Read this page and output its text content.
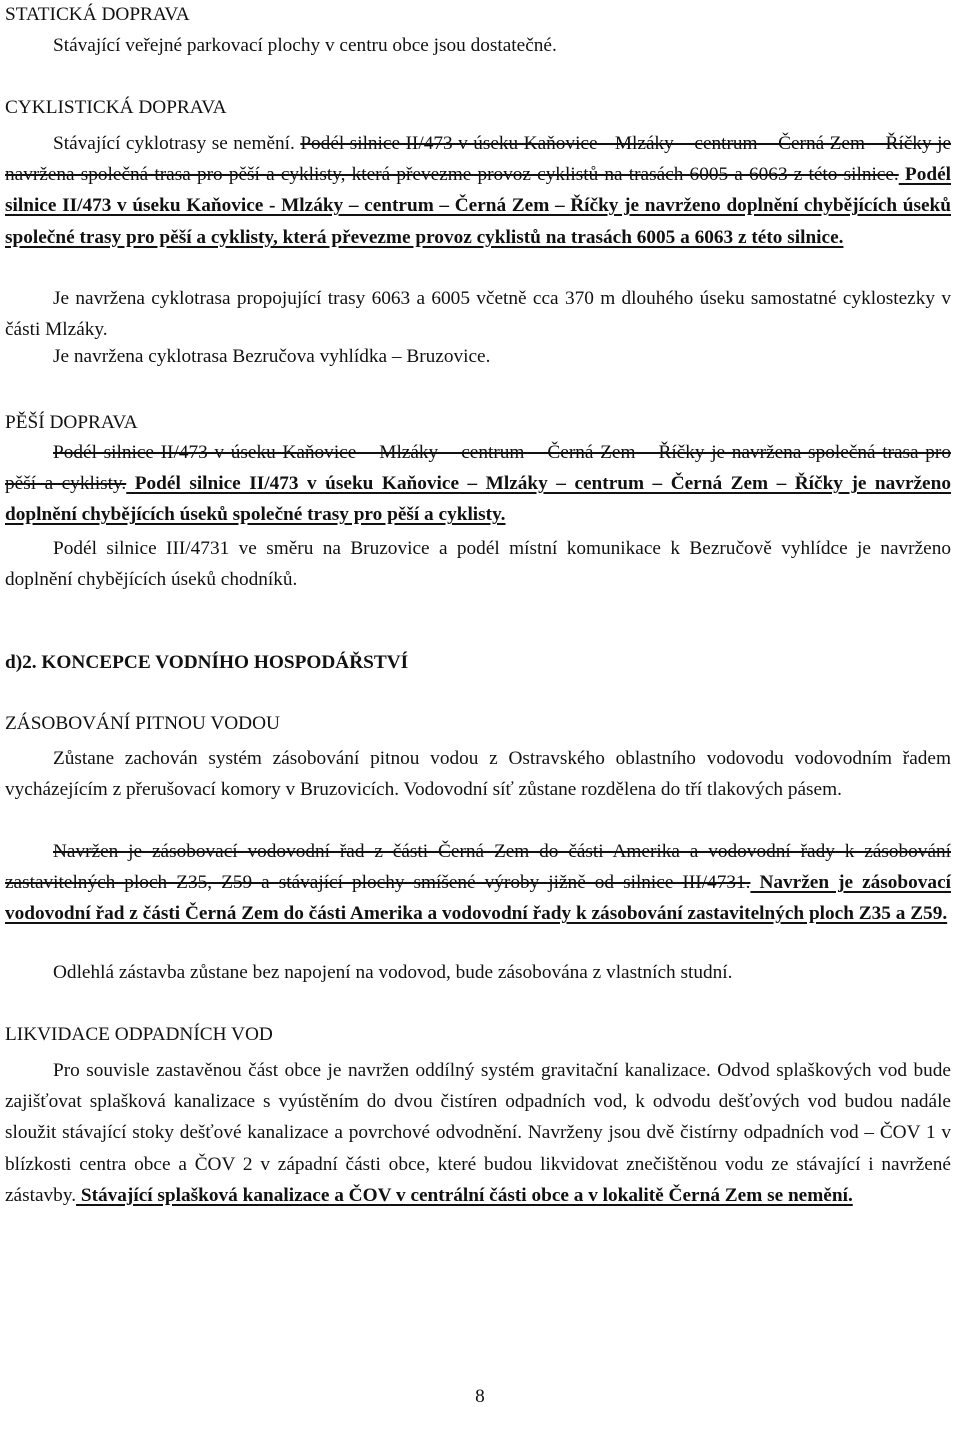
STATICKÁ DOPRAVA
Stávající veřejné parkovací plochy v centru obce jsou dostatečné.
CYKLISTICKÁ DOPRAVA

Stávající cyklotrasy se nemění. Podél silnice II/473 v úseku Kaňovice - Mlzáky – centrum – Černá Zem – Říčky je navržena společná trasa pro pěší a cyklisty, která převezme provoz cyklistů na trasách 6005 a 6063 z této silnice. Podél silnice II/473 v úseku Kaňovice - Mlzáky – centrum – Černá Zem – Říčky je navrženo doplnění chybějících úseků společné trasy pro pěší a cyklisty, která převezme provoz cyklistů na trasách 6005 a 6063 z této silnice.

Je navržena cyklotrasa propojující trasy 6063 a 6005 včetně cca 370 m dlouhého úseku samostatné cyklostezky v části Mlzáky.

Je navržena cyklotrasa Bezručova vyhlídka – Bruzovice.

PĚŠÍ DOPRAVA

Podél silnice II/473 v úseku Kaňovice – Mlzáky – centrum – Černá Zem – Říčky je navržena společná trasa pro pěší a cyklisty. Podél silnice II/473 v úseku Kaňovice – Mlzáky – centrum – Černá Zem – Říčky je navrženo doplnění chybějících úseků společné trasy pro pěší a cyklisty.

Podél silnice III/4731 ve směru na Bruzovice a podél místní komunikace k Bezručově vyhlídce je navrženo doplnění chybějících úseků chodníků.

d)2. KONCEPCE VODNÍHO HOSPODÁŘSTVÍ
ZÁSOBOVÁNÍ PITNOU VODOU

Zůstane zachován systém zásobování pitnou vodou z Ostravského oblastního vodovodu vodovodním řadem vycházejícím z přerušovací komory v Bruzovicích. Vodovodní síť zůstane rozdělena do tří tlakových pásem.

Navržen je zásobovací vodovodní řad z části Černá Zem do části Amerika a vodovodní řady k zásobování zastavitelných ploch Z35, Z59 a stávající plochy smíšené výroby jižně od silnice III/4731. Navržen je zásobovací vodovodní řad z části Černá Zem do části Amerika a vodovodní řady k zásobování zastavitelných ploch Z35 a Z59.

Odlehlá zástavba zůstane bez napojení na vodovod, bude zásobována z vlastních studní.

LIKVIDACE ODPADNÍCH VOD

Pro souvisle zastavěnou část obce je navržen oddílný systém gravitační kanalizace. Odvod splaškových vod bude zajišťovat splašková kanalizace s vyústěním do dvou čistíren odpadních vod, k odvodu dešťových vod budou nadále sloužit stávající stoky dešťové kanalizace a povrchové odvodnění. Navrženy jsou dvě čistírny odpadních vod – ČOV 1 v blízkosti centra obce a ČOV 2 v západní části obce, které budou likvidovat znečištěnou vodu ze stávající i navržené zástavby. Stávající splašková kanalizace a ČOV v centrální části obce a v lokalitě Černá Zem se nemění.

8
